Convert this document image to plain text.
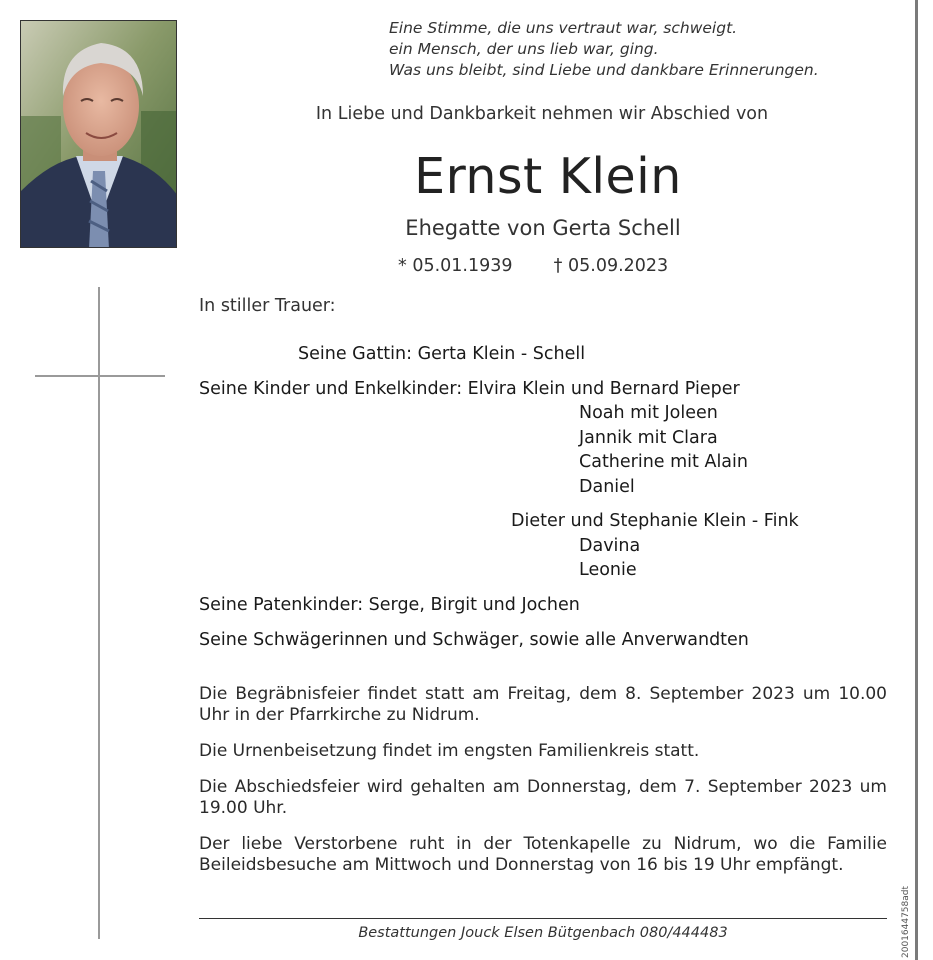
Eine Stimme, die uns vertraut war, schweigt.
ein Mensch, der uns lieb war, ging.
Was uns bleibt, sind Liebe und dankbare Erinnerungen.
In Liebe und Dankbarkeit nehmen wir Abschied von
Ernst Klein
Ehegatte von Gerta Schell
* 05.01.1939 † 05.09.2023
In stiller Trauer:
Seine Gattin: Gerta Klein - Schell
Seine Kinder und Enkelkinder: Elvira Klein und Bernard Pieper
Noah mit Joleen
Jannik mit Clara
Catherine mit Alain
Daniel
Dieter und Stephanie Klein - Fink
Davina
Leonie
Seine Patenkinder: Serge, Birgit und Jochen
Seine Schwägerinnen und Schwäger, sowie alle Anverwandten
Die Begräbnisfeier findet statt am Freitag, dem 8. September 2023 um 10.00 Uhr in der Pfarrkirche zu Nidrum.
Die Urnenbeisetzung findet im engsten Familienkreis statt.
Die Abschiedsfeier wird gehalten am Donnerstag, dem 7. September 2023 um 19.00 Uhr.
Der liebe Verstorbene ruht in der Totenkapelle zu Nidrum, wo die Familie Beileidsbesuche am Mittwoch und Donnerstag von 16 bis 19 Uhr empfängt.
Bestattungen Jouck Elsen Bütgenbach 080/444483	2001644758adt
